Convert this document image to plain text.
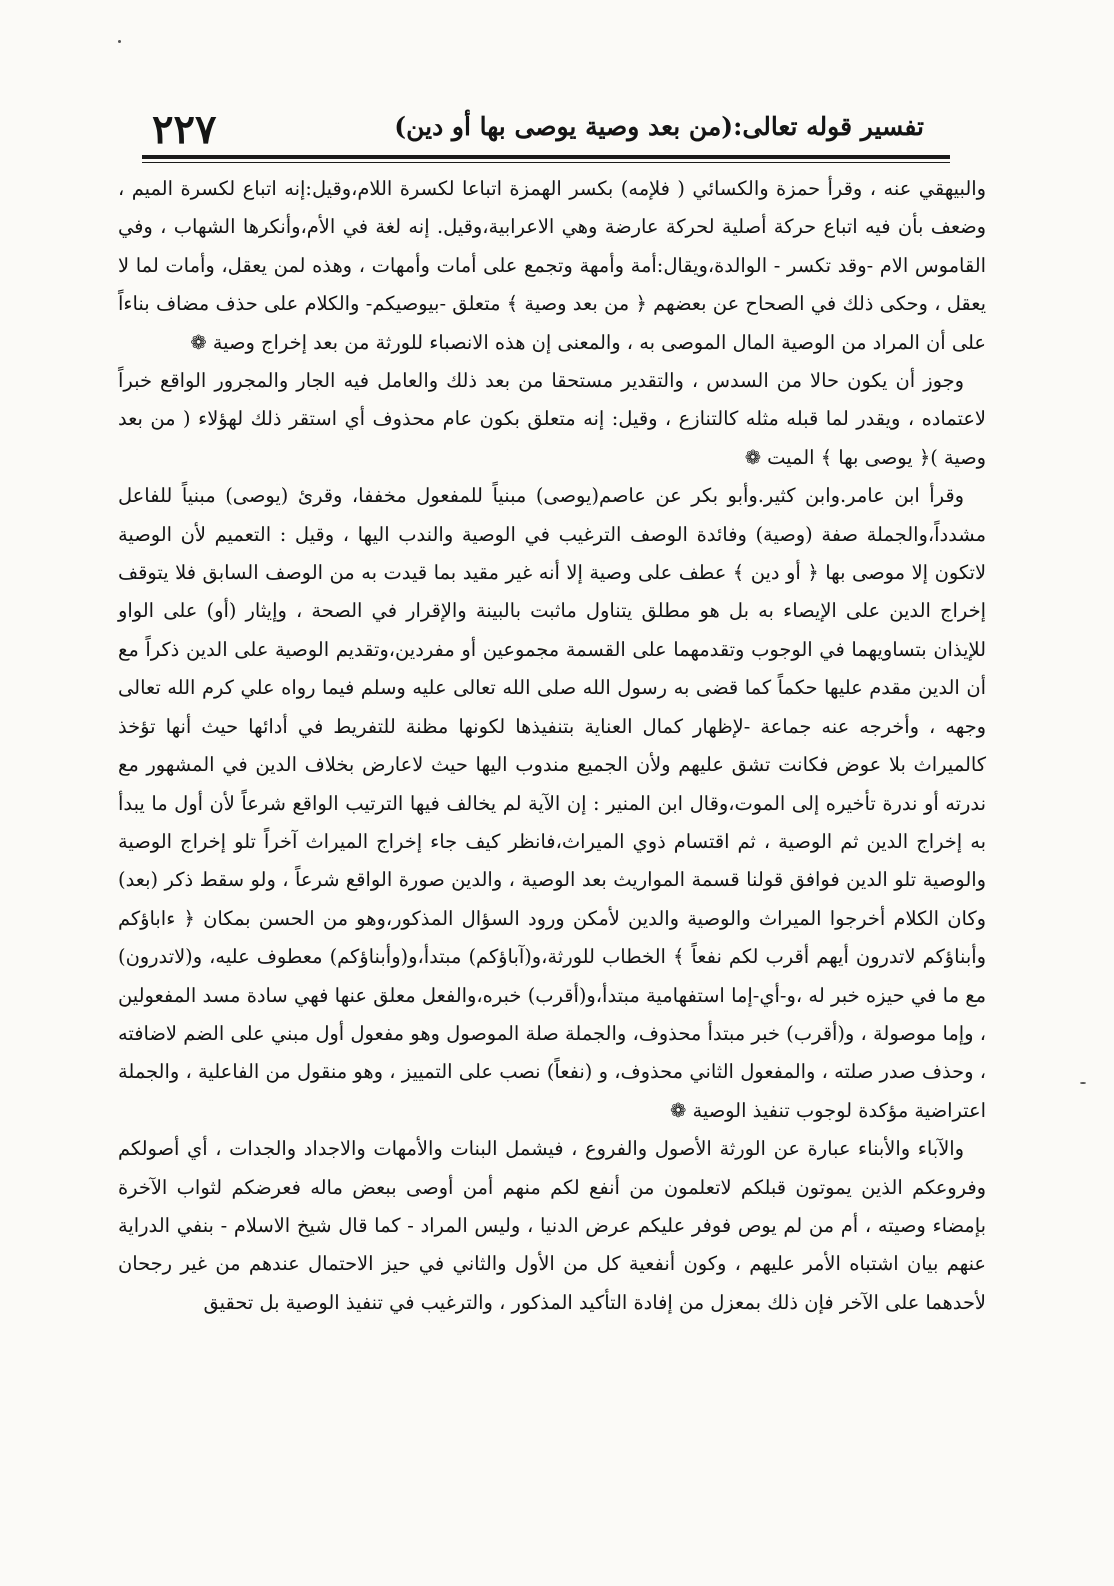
٢٢٧	تفسير قوله تعالى:(من بعد وصية يوصى بها أو دين)

والبيهقي عنه ، وقرأ حمزة والكسائي ( فلإمه) بكسر الهمزة اتباعا لكسرة اللام،وقيل:إنه اتباع لكسرة الميم ، وضعف بأن فيه اتباع حركة أصلية لحركة عارضة وهي الاعرابية،وقيل. إنه لغة في الأم،وأنكرها الشهاب ، وفي القاموس الام -وقد تكسر - الوالدة،ويقال:أمة وأمهة وتجمع على أمات وأمهات ، وهذه لمن يعقل، وأمات لما لا يعقل ، وحكى ذلك في الصحاح عن بعضهم ﴿ من بعد وصية ﴾ متعلق -بيوصيكم- والكلام على حذف مضاف بناءاً على أن المراد من الوصية المال الموصى به ، والمعنى إن هذه الانصباء للورثة من بعد إخراج وصية ❁

وجوز أن يكون حالا من السدس ، والتقدير مستحقا من بعد ذلك والعامل فيه الجار والمجرور الواقع خبراً لاعتماده ، ويقدر لما قبله مثله كالتنازع ، وقيل: إنه متعلق بكون عام محذوف أي استقر ذلك لهؤلاء ( من بعد وصية )﴿ يوصى بها ﴾ الميت ❁

وقرأ ابن عامر.وابن كثير.وأبو بكر عن عاصم(يوصى) مبنياً للمفعول مخففا، وقرئ (يوصى) مبنياً للفاعل مشدداً،والجملة صفة (وصية) وفائدة الوصف الترغيب في الوصية والندب اليها ، وقيل : التعميم لأن الوصية لاتكون إلا موصى بها ﴿ أو دين ﴾ عطف على وصية إلا أنه غير مقيد بما قيدت به من الوصف السابق فلا يتوقف إخراج الدين على الإيصاء به بل هو مطلق يتناول ماثبت بالبينة والإقرار في الصحة ، وإيثار (أو) على الواو للإيذان بتساويهما في الوجوب وتقدمهما على القسمة مجموعين أو مفردين،وتقديم الوصية على الدين ذكراً مع أن الدين مقدم عليها حكماً كما قضى به رسول الله صلى الله تعالى عليه وسلم فيما رواه علي كرم الله تعالى وجهه ، وأخرجه عنه جماعة -لإظهار كمال العناية بتنفيذها لكونها مظنة للتفريط في أدائها حيث أنها تؤخذ كالميراث بلا عوض فكانت تشق عليهم ولأن الجميع مندوب اليها حيث لاعارض بخلاف الدين في المشهور مع ندرته أو ندرة تأخيره إلى الموت،وقال ابن المنير : إن الآية لم يخالف فيها الترتيب الواقع شرعاً لأن أول ما يبدأ به إخراج الدين ثم الوصية ، ثم اقتسام ذوي الميراث،فانظر كيف جاء إخراج الميراث آخراً تلو إخراج الوصية والوصية تلو الدين فوافق قولنا قسمة المواريث بعد الوصية ، والدين صورة الواقع شرعاً ، ولو سقط ذكر (بعد) وكان الكلام أخرجوا الميراث والوصية والدين لأمكن ورود السؤال المذكور،وهو من الحسن بمكان ﴿ ءاباؤكم وأبناؤكم لاتدرون أيهم أقرب لكم نفعاً ﴾ الخطاب للورثة،و(آباؤكم) مبتدأ،و(وأبناؤكم) معطوف عليه، و(لاتدرون) مع ما في حيزه خبر له ،و-أي-إما استفهامية مبتدأ،و(أقرب) خبره،والفعل معلق عنها فهي سادة مسد المفعولين ، وإما موصولة ، و(أقرب) خبر مبتدأ محذوف، والجملة صلة الموصول وهو مفعول أول مبني على الضم لاضافته ، وحذف صدر صلته ، والمفعول الثاني محذوف، و (نفعاً) نصب على التمييز ، وهو منقول من الفاعلية ، والجملة اعتراضية مؤكدة لوجوب تنفيذ الوصية ❁

والآباء والأبناء عبارة عن الورثة الأصول والفروع ، فيشمل البنات والأمهات والاجداد والجدات ، أي أصولكم وفروعكم الذين يموتون قبلكم لاتعلمون من أنفع لكم منهم أمن أوصى ببعض ماله فعرضكم لثواب الآخرة بإمضاء وصيته ، أم من لم يوص فوفر عليكم عرض الدنيا ، وليس المراد - كما قال شيخ الاسلام - بنفي الدراية عنهم بيان اشتباه الأمر عليهم ، وكون أنفعية كل من الأول والثاني في حيز الاحتمال عندهم من غير رجحان لأحدهما على الآخر فإن ذلك بمعزل من إفادة التأكيد المذكور ، والترغيب في تنفيذ الوصية بل تحقيق
